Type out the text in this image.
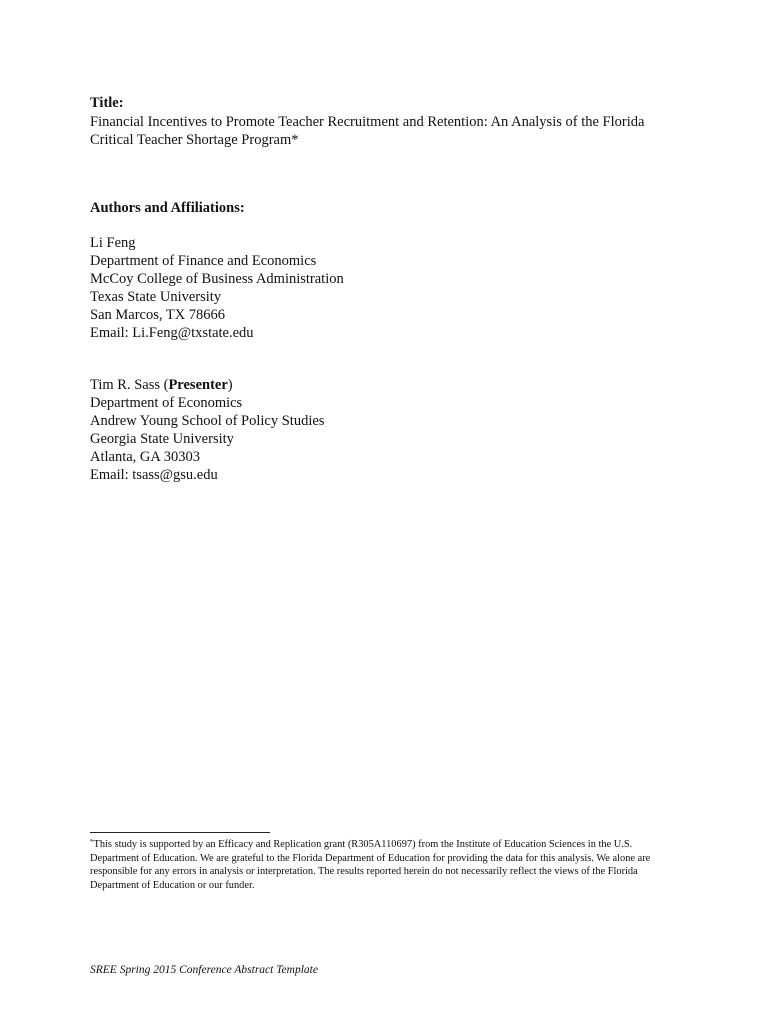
Title:
Financial Incentives to Promote Teacher Recruitment and Retention: An Analysis of the Florida Critical Teacher Shortage Program*
Authors and Affiliations:
Li Feng
Department of Finance and Economics
McCoy College of Business Administration
Texas State University
San Marcos, TX 78666
Email: Li.Feng@txstate.edu
Tim R. Sass (Presenter)
Department of Economics
Andrew Young School of Policy Studies
Georgia State University
Atlanta, GA 30303
Email: tsass@gsu.edu
*This study is supported by an Efficacy and Replication grant (R305A110697) from the Institute of Education Sciences in the U.S. Department of Education. We are grateful to the Florida Department of Education for providing the data for this analysis. We alone are responsible for any errors in analysis or interpretation. The results reported herein do not necessarily reflect the views of the Florida Department of Education or our funder.
SREE Spring 2015 Conference Abstract Template
